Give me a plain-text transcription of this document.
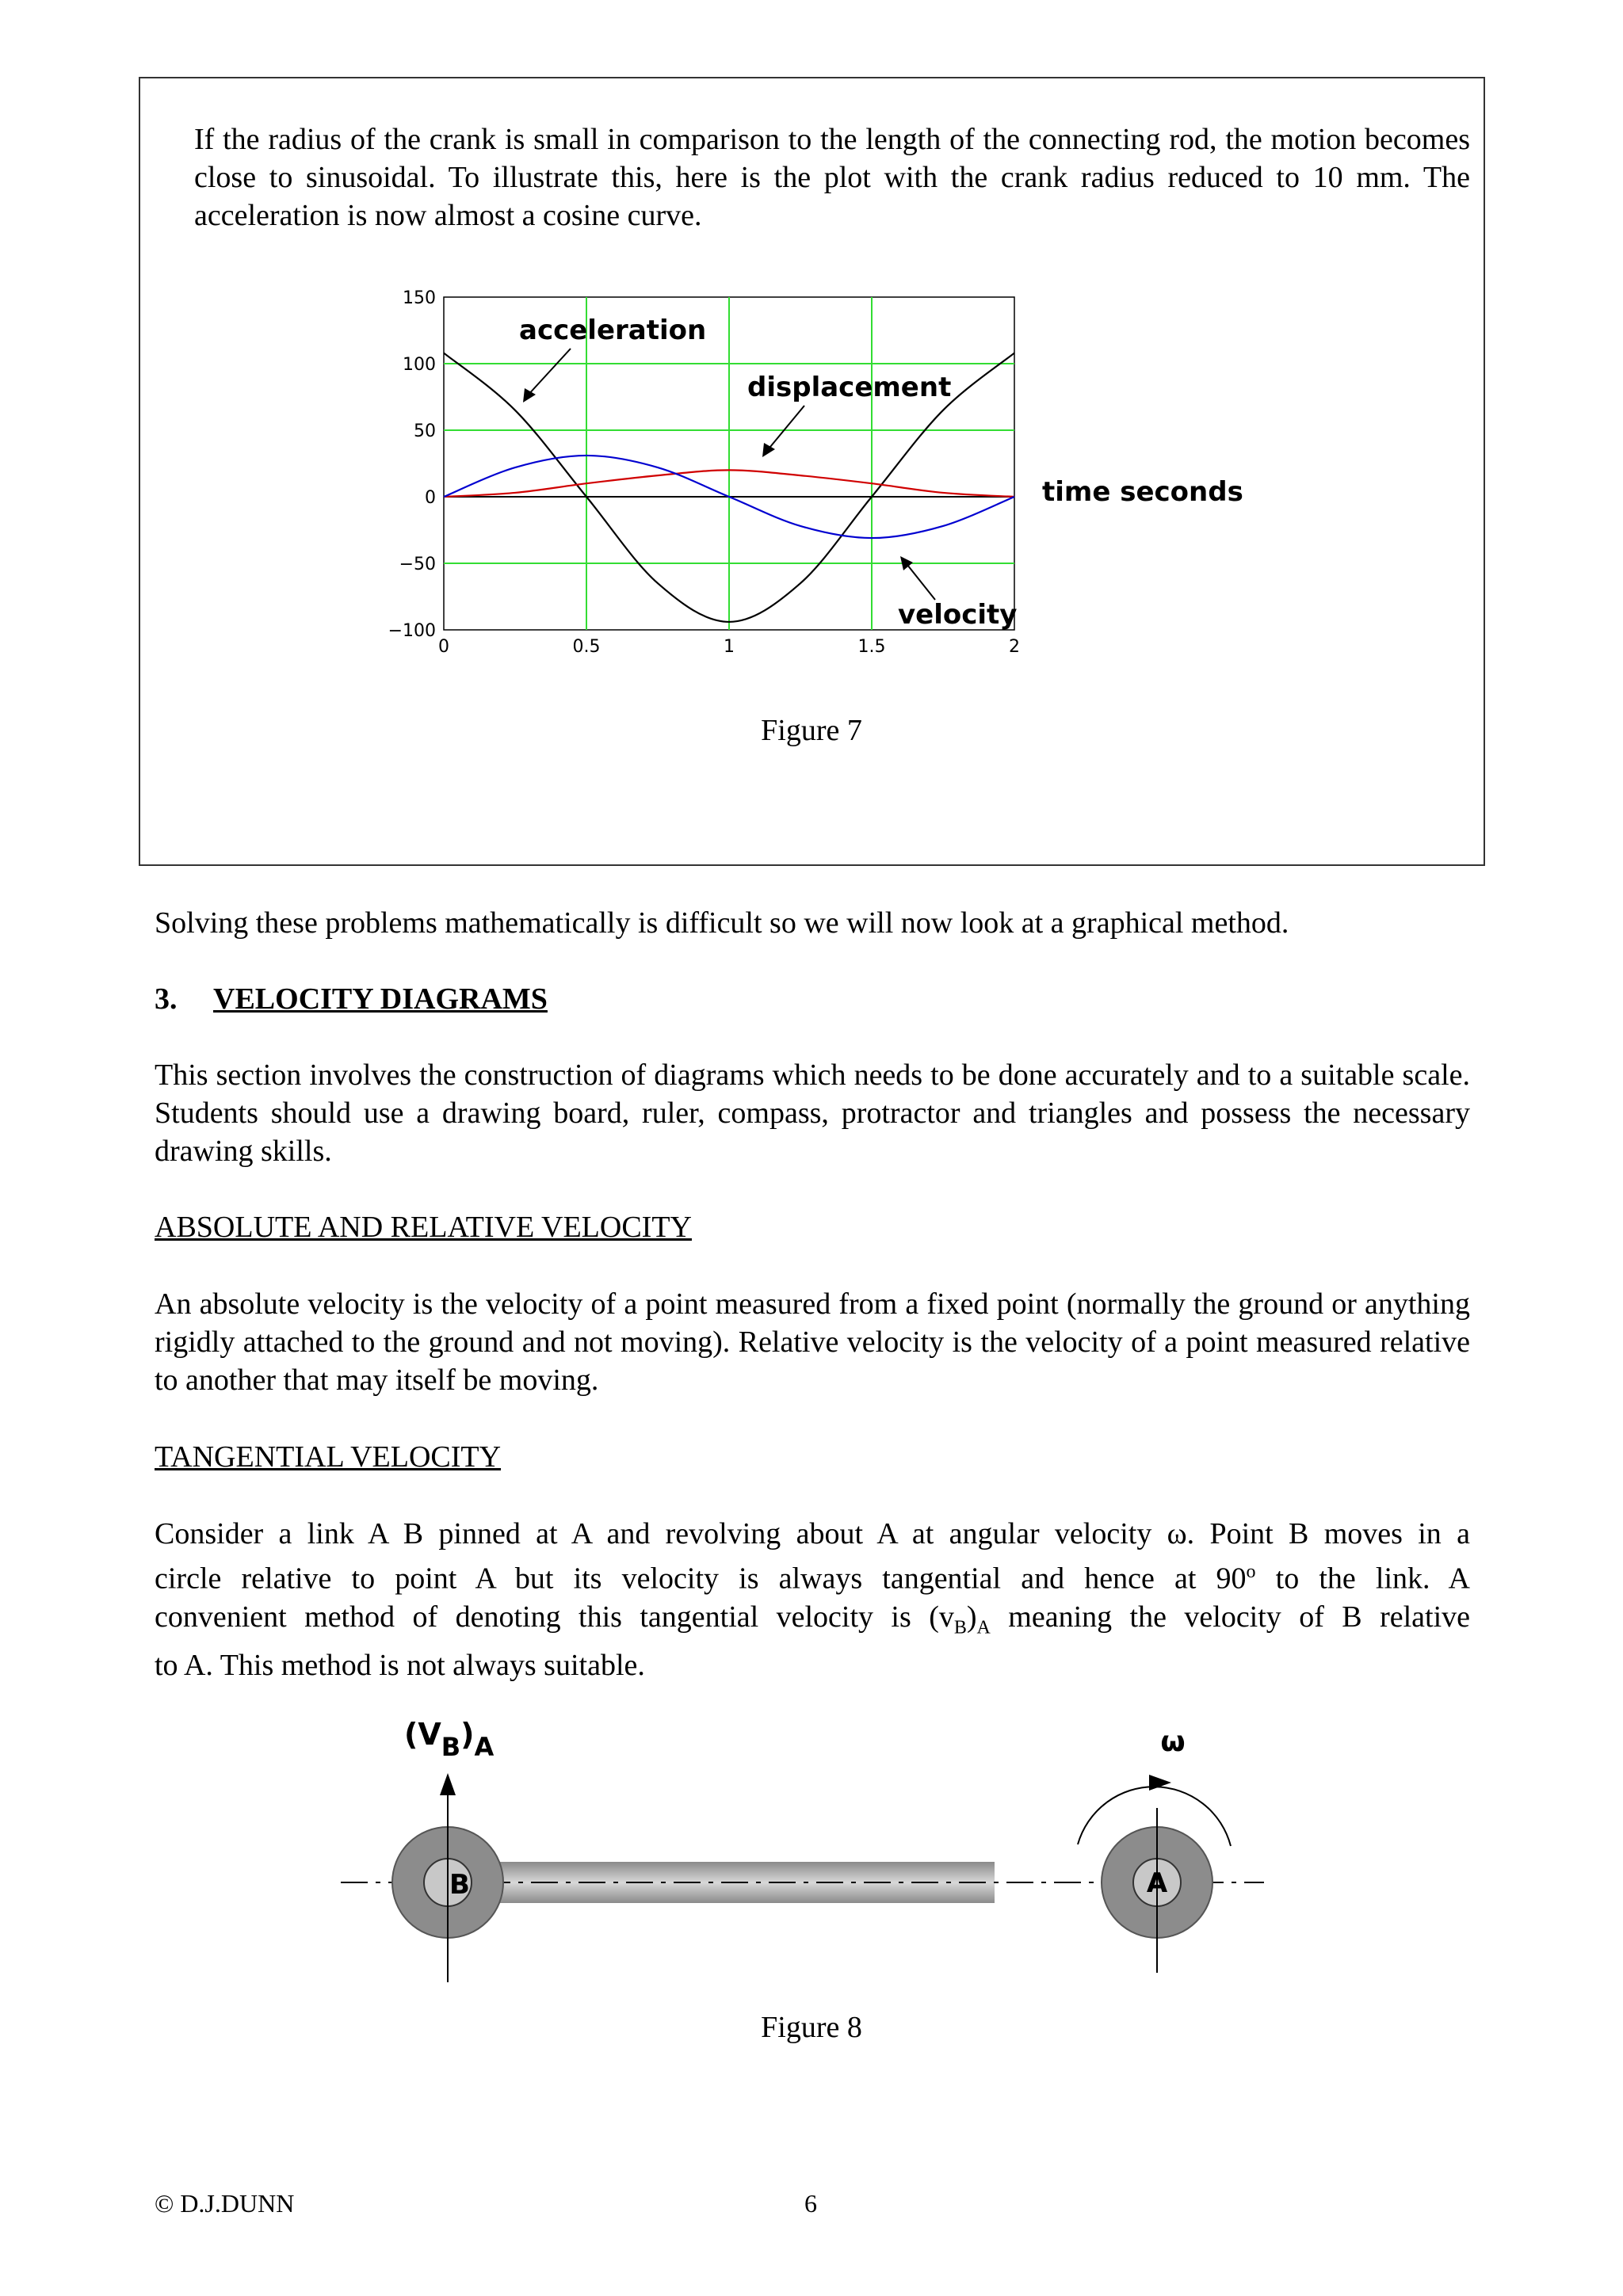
If the radius of the crank is small in comparison to the length of the connecting rod, the motion becomes close to sinusoidal. To illustrate this, here is the plot with the crank radius reduced to 10 mm. The acceleration is now almost a cosine curve.

150
100
50
0
−50
−100
0	0.5	1	1.5	2
acceleration
displacement
velocity
time seconds
Figure 7

Solving these problems mathematically is difficult so we will now look at a graphical method.

3. VELOCITY DIAGRAMS

This section involves the construction of diagrams which needs to be done accurately and to a suitable scale. Students should use a drawing board, ruler, compass, protractor and triangles and possess the necessary drawing skills.

ABSOLUTE AND RELATIVE VELOCITY

An absolute velocity is the velocity of a point measured from a fixed point (normally the ground or anything rigidly attached to the ground and not moving). Relative velocity is the velocity of a point measured relative to another that may itself be moving.

TANGENTIAL VELOCITY
Consider a link A B pinned at A and revolving about A at angular velocity ω. Point B moves in a
circle relative to point A but its velocity is always tangential and hence at 90$^o$ to the link. A
convenient method of denoting this tangential velocity is $(v_B)_A$ meaning the velocity of B relative
to A. This method is not always suitable.
B
$(V_B)_A$
A
ω
Figure 8
© D.J.DUNN	6
